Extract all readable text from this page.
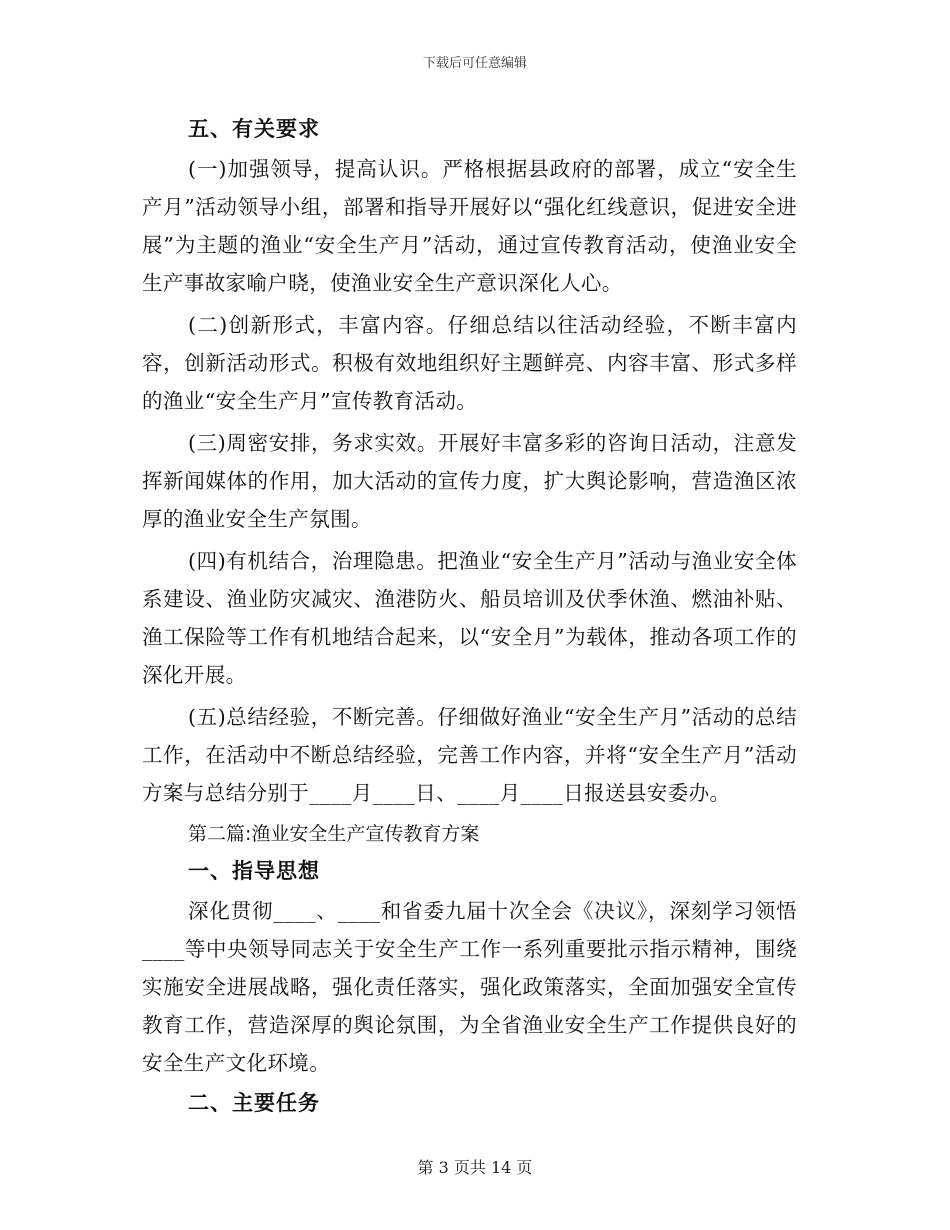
下载后可任意编辑
五、有关要求

(一)加强领导，提高认识。严格根据县政府的部署，成立“安全生产月”活动领导小组，部署和指导开展好以“强化红线意识，促进安全进展”为主题的渔业“安全生产月”活动，通过宣传教育活动，使渔业安全生产事故家喻户晓，使渔业安全生产意识深化人心。

(二)创新形式，丰富内容。仔细总结以往活动经验，不断丰富内容，创新活动形式。积极有效地组织好主题鲜亮、内容丰富、形式多样的渔业“安全生产月”宣传教育活动。

(三)周密安排，务求实效。开展好丰富多彩的咨询日活动，注意发挥新闻媒体的作用，加大活动的宣传力度，扩大舆论影响，营造渔区浓厚的渔业安全生产氛围。

(四)有机结合，治理隐患。把渔业“安全生产月”活动与渔业安全体系建设、渔业防灾减灾、渔港防火、船员培训及伏季休渔、燃油补贴、渔工保险等工作有机地结合起来，以“安全月”为载体，推动各项工作的深化开展。

(五)总结经验，不断完善。仔细做好渔业“安全生产月”活动的总结工作，在活动中不断总结经验，完善工作内容，并将“安全生产月”活动方案与总结分别于____月____日、____月____日报送县安委办。

第二篇:渔业安全生产宣传教育方案
一、指导思想

深化贯彻____、____和省委九届十次全会《决议》，深刻学习领悟____等中央领导同志关于安全生产工作一系列重要批示指示精神，围绕实施安全进展战略，强化责任落实，强化政策落实，全面加强安全宣传教育工作，营造深厚的舆论氛围，为全省渔业安全生产工作提供良好的安全生产文化环境。

二、主要任务
第 3 页共 14 页
